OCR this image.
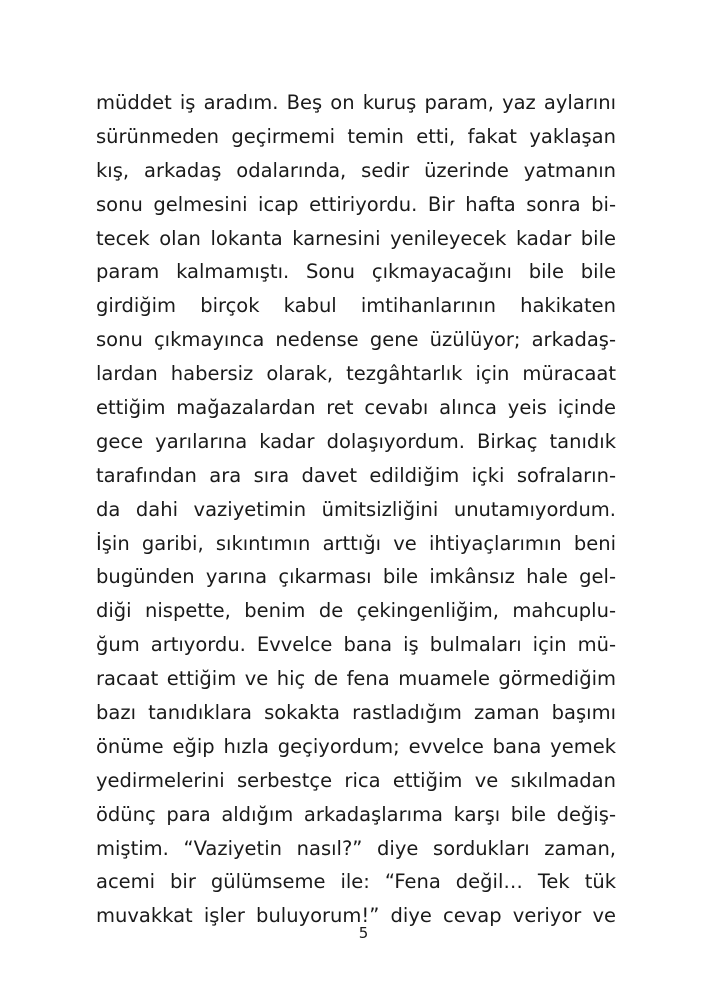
müddet iş aradım. Beş on kuruş param, yaz aylarını
sürünmeden geçirmemi temin etti, fakat yaklaşan
kış, arkadaş odalarında, sedir üzerinde yatmanın
sonu gelmesini icap ettiriyordu. Bir hafta sonra bi-
tecek olan lokanta karnesini yenileyecek kadar bile
param kalmamıştı. Sonu çıkmayacağını bile bile
girdiğim birçok kabul imtihanlarının hakikaten
sonu çıkmayınca nedense gene üzülüyor; arkadaş-
lardan habersiz olarak, tezgâhtarlık için müracaat
ettiğim mağazalardan ret cevabı alınca yeis içinde
gece yarılarına kadar dolaşıyordum. Birkaç tanıdık
tarafından ara sıra davet edildiğim içki sofraların-
da dahi vaziyetimin ümitsizliğini unutamıyordum.
İşin garibi, sıkıntımın arttığı ve ihtiyaçlarımın beni
bugünden yarına çıkarması bile imkânsız hale gel-
diği nispette, benim de çekingenliğim, mahcuplu-
ğum artıyordu. Evvelce bana iş bulmaları için mü-
racaat ettiğim ve hiç de fena muamele görmediğim
bazı tanıdıklara sokakta rastladığım zaman başımı
önüme eğip hızla geçiyordum; evvelce bana yemek
yedirmelerini serbestçe rica ettiğim ve sıkılmadan
ödünç para aldığım arkadaşlarıma karşı bile değiş-
miştim. “Vaziyetin nasıl?” diye sordukları zaman,
acemi bir gülümseme ile: “Fena değil… Tek tük
muvakkat işler buluyorum!” diye cevap veriyor ve
5
